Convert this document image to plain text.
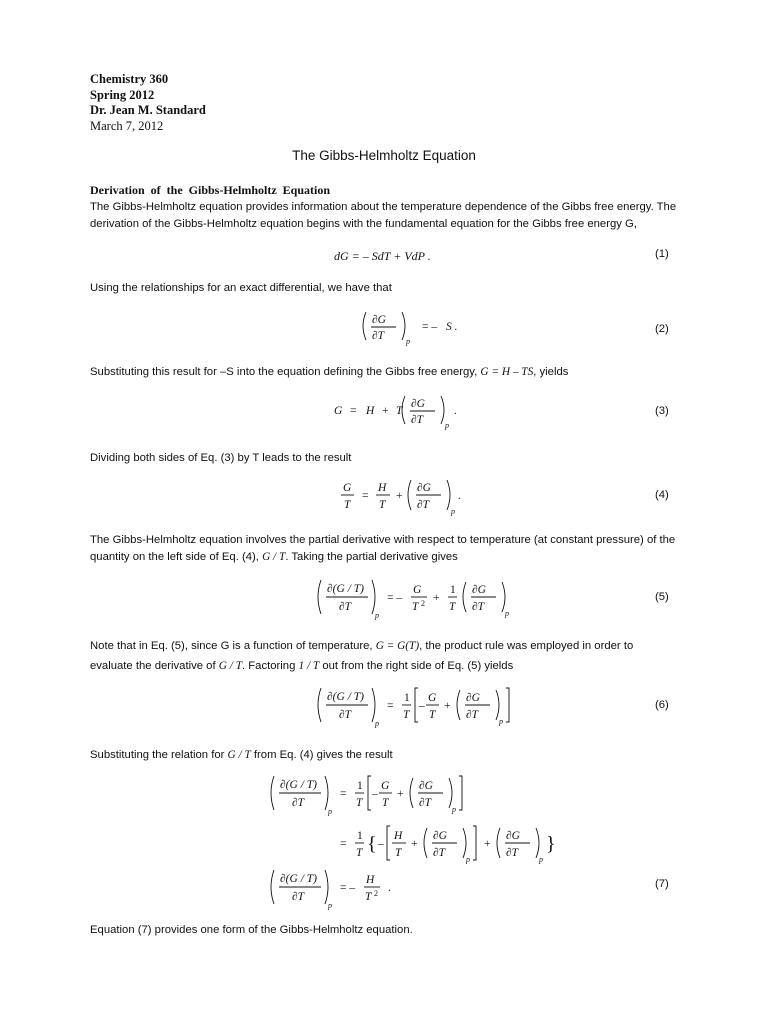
Chemistry 360
Spring 2012
Dr. Jean M. Standard
March 7, 2012
The Gibbs-Helmholtz Equation
Derivation of the Gibbs-Helmholtz Equation
The Gibbs-Helmholtz equation provides information about the temperature dependence of the Gibbs free energy. The derivation of the Gibbs-Helmholtz equation begins with the fundamental equation for the Gibbs free energy G,
dG = – SdT + VdP .	(1)
Using the relationships for an exact differential, we have that
∂G
∂T	p
= – S .	(2)
Substituting this result for –S into the equation defining the Gibbs free energy, G = H – TS, yields
G = H + T
∂G
∂T	p
.	(3)
Dividing both sides of Eq. (3) by T leads to the result
G
T
=
H
T
+
∂G
∂T
p
.	(4)
The Gibbs-Helmholtz equation involves the partial derivative with respect to temperature (at constant pressure) of the quantity on the left side of Eq. (4), G / T. Taking the partial derivative gives
∂(G / T)
∂T
p
= –
G
T 2 +
1
T
∂G
∂T
p
(5)
Note that in Eq. (5), since G is a function of temperature, G = G(T), the product rule was employed in order to
evaluate the derivative of G / T. Factoring 1 / T out from the right side of Eq. (5) yields
∂(G / T)
∂T
p
=
1
T
–
G
T
+
∂G
∂T
p
(6)
Substituting the relation for G / T from Eq. (4) gives the result
∂(G / T)
∂T
p
=
1
T
–
G
T
+
∂G
∂T
p
=
1
T { –
H
T
+
∂G
∂T
p
+
∂G
∂T
p
}
∂(G / T)
∂T
p
= –
H
T 2 .	(7)
Equation (7) provides one form of the Gibbs-Helmholtz equation.
